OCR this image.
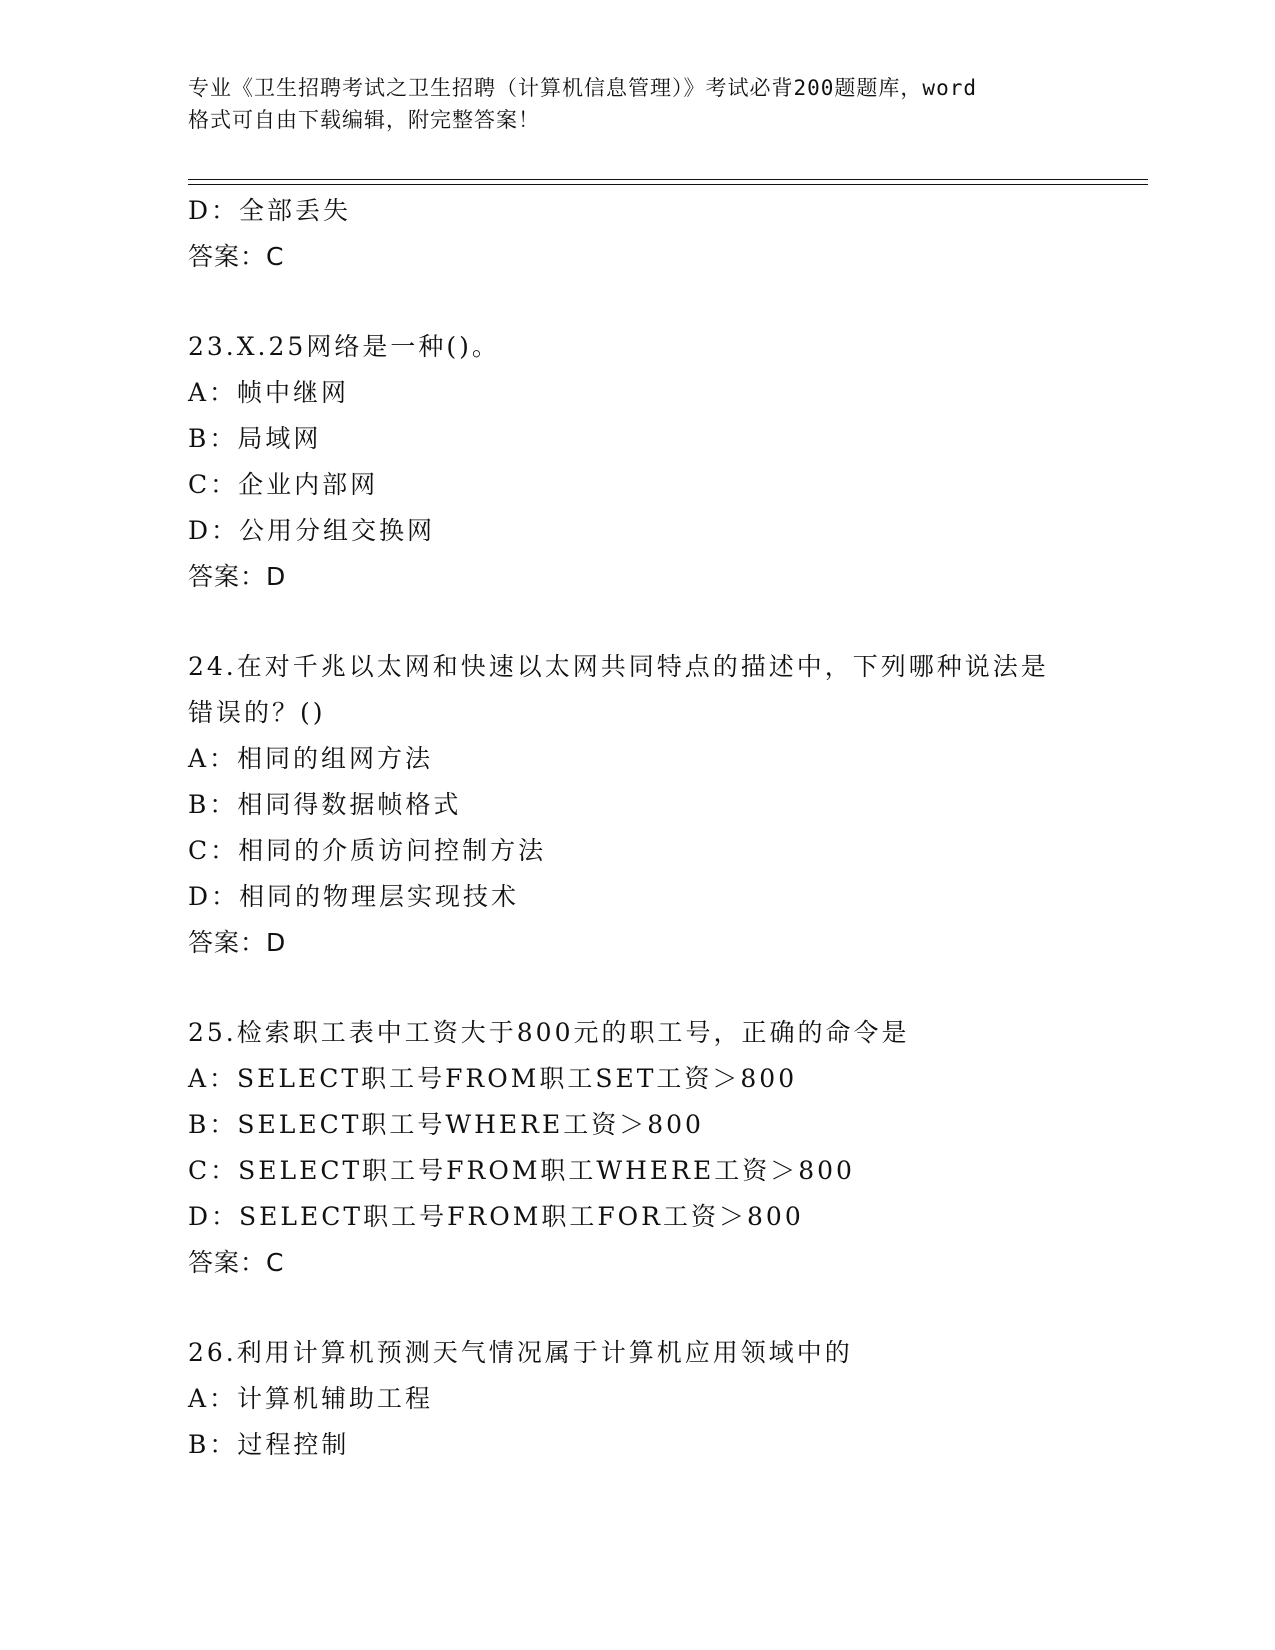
专业《卫生招聘考试之卫生招聘（计算机信息管理）》考试必背200题题库，word
格式可自由下载编辑，附完整答案！
D：全部丢失
答案：C
23.X.25网络是一种()。
A：帧中继网
B：局域网
C：企业内部网
D：公用分组交换网
答案：D
24.在对千兆以太网和快速以太网共同特点的描述中，下列哪种说法是
错误的？()
A：相同的组网方法
B：相同得数据帧格式
C：相同的介质访问控制方法
D：相同的物理层实现技术
答案：D
25.检索职工表中工资大于800元的职工号，正确的命令是
A：SELECT职工号FROM职工SET工资＞800
B：SELECT职工号WHERE工资＞800
C：SELECT职工号FROM职工WHERE工资＞800
D：SELECT职工号FROM职工FOR工资＞800
答案：C
26.利用计算机预测天气情况属于计算机应用领域中的
A：计算机辅助工程
B：过程控制
